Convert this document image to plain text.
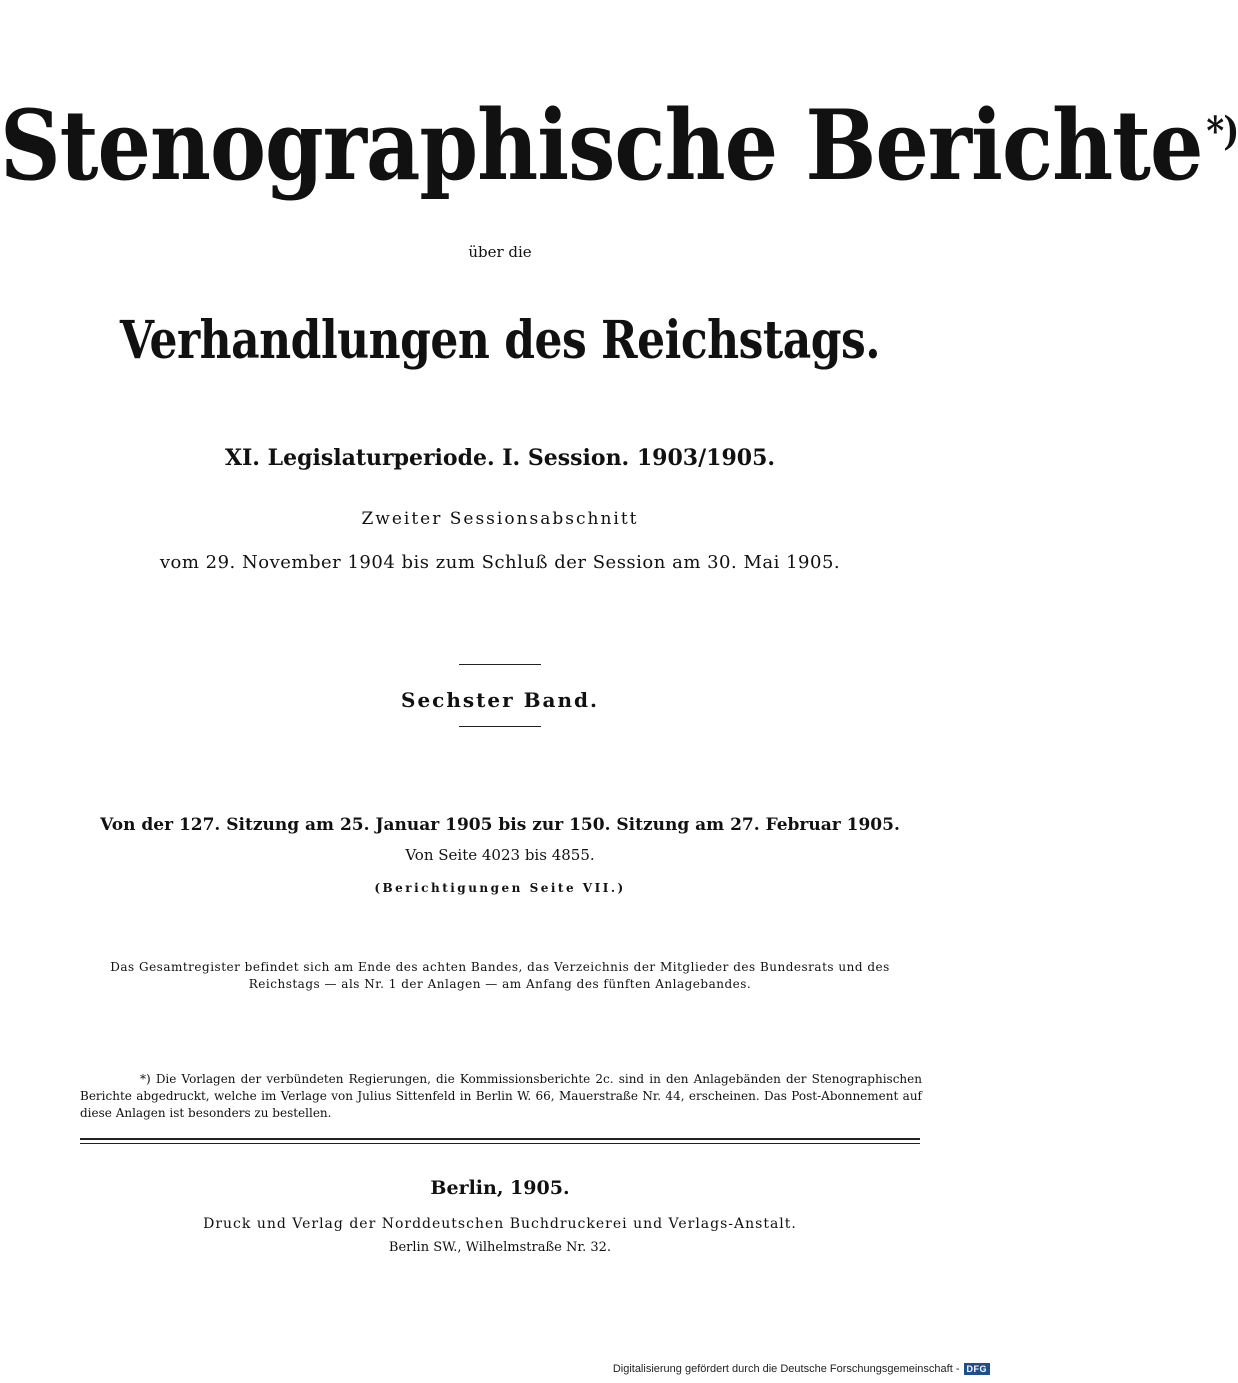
Stenographische Berichte *)
über die
Verhandlungen des Reichstags.
XI. Legislaturperiode. I. Session. 1903/1905.
Zweiter Sessionsabschnitt
vom 29. November 1904 bis zum Schluß der Session am 30. Mai 1905.
Sechster Band.
Von der 127. Sitzung am 25. Januar 1905 bis zur 150. Sitzung am 27. Februar 1905.
Von Seite 4023 bis 4855.
(Berichtigungen Seite VII.)
Das Gesamtregister befindet sich am Ende des achten Bandes, das Verzeichnis der Mitglieder des Bundesrats und des Reichstags — als Nr. 1 der Anlagen — am Anfang des fünften Anlagebandes.
*) Die Vorlagen der verbündeten Regierungen, die Kommissionsberichte 2c. sind in den Anlagebänden der Stenographischen Berichte abgedruckt, welche im Verlage von Julius Sittenfeld in Berlin W. 66, Mauerstraße Nr. 44, erscheinen. Das Post-Abonnement auf diese Anlagen ist besonders zu bestellen.
Berlin, 1905.
Druck und Verlag der Norddeutschen Buchdruckerei und Verlags-Anstalt.
Berlin SW., Wilhelmstraße Nr. 32.
Digitalisierung gefördert durch die Deutsche Forschungsgemeinschaft - DFG
